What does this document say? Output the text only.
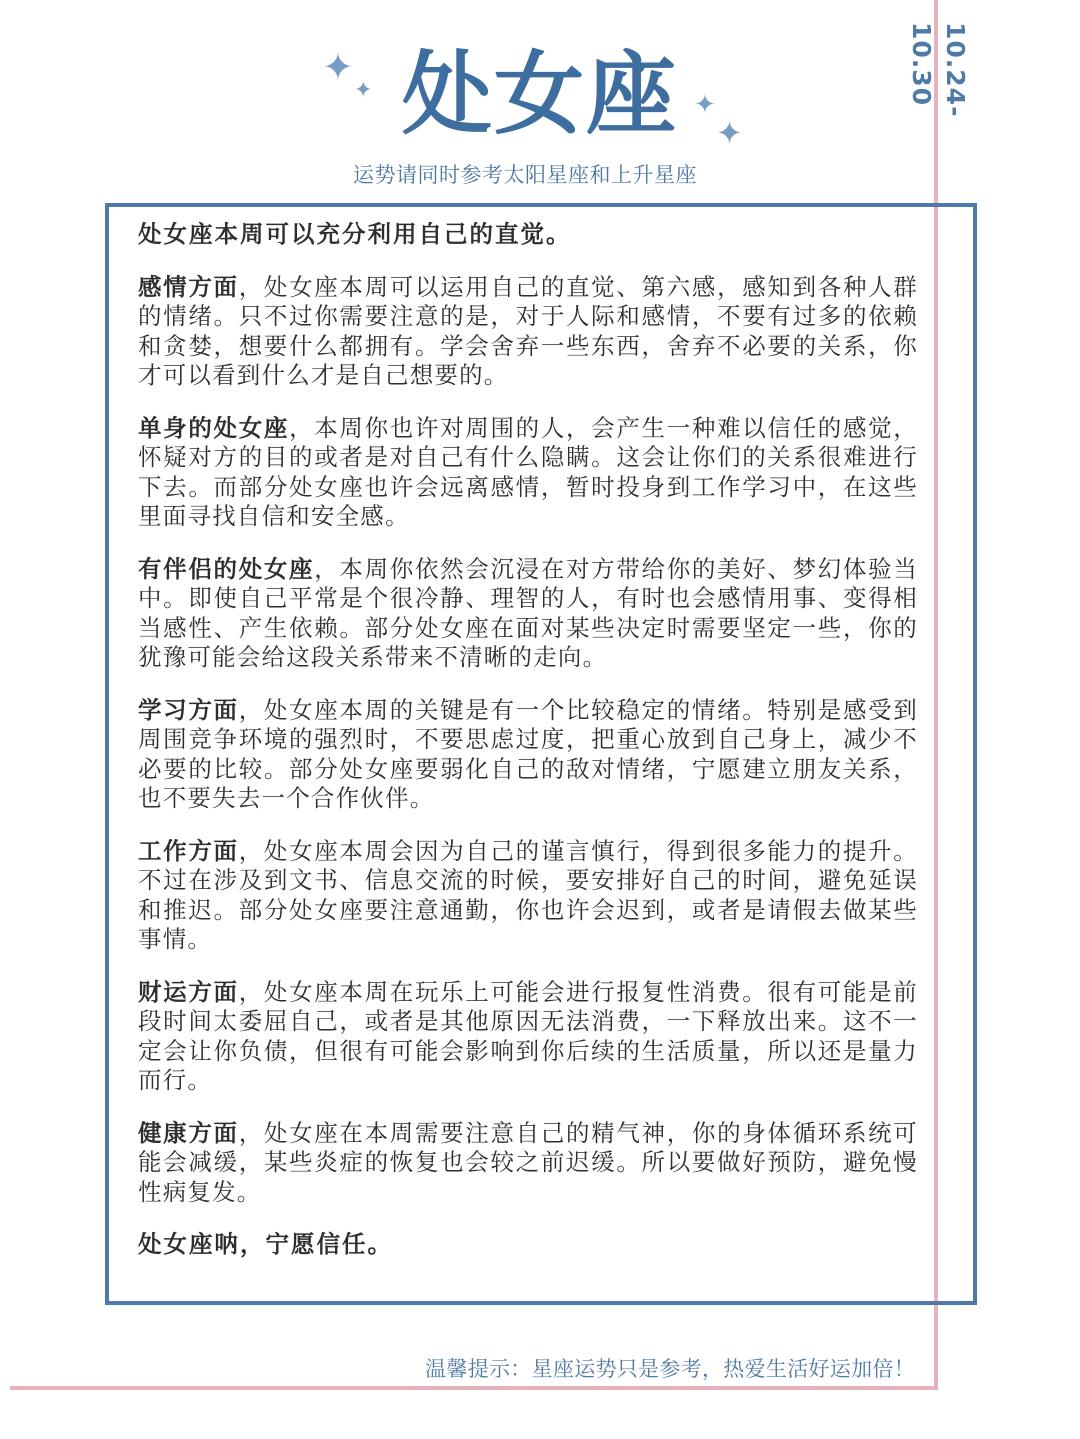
10.24-10.30
✦
✦ 处女座 ✦
✦
运势请同时参考太阳星座和上升星座

处女座本周可以充分利用自己的直觉。

感情方面，处女座本周可以运用自己的直觉、第六感，感知到各种人群的情绪。只不过你需要注意的是，对于人际和感情，不要有过多的依赖和贪婪，想要什么都拥有。学会舍弃一些东西，舍弃不必要的关系，你才可以看到什么才是自己想要的。

单身的处女座，本周你也许对周围的人，会产生一种难以信任的感觉，怀疑对方的目的或者是对自己有什么隐瞒。这会让你们的关系很难进行下去。而部分处女座也许会远离感情，暂时投身到工作学习中，在这些里面寻找自信和安全感。

有伴侣的处女座，本周你依然会沉浸在对方带给你的美好、梦幻体验当中。即使自己平常是个很冷静、理智的人，有时也会感情用事、变得相当感性、产生依赖。部分处女座在面对某些决定时需要坚定一些，你的犹豫可能会给这段关系带来不清晰的走向。

学习方面，处女座本周的关键是有一个比较稳定的情绪。特别是感受到周围竞争环境的强烈时，不要思虑过度，把重心放到自己身上，减少不必要的比较。部分处女座要弱化自己的敌对情绪，宁愿建立朋友关系，也不要失去一个合作伙伴。

工作方面，处女座本周会因为自己的谨言慎行，得到很多能力的提升。不过在涉及到文书、信息交流的时候，要安排好自己的时间，避免延误和推迟。部分处女座要注意通勤，你也许会迟到，或者是请假去做某些事情。

财运方面，处女座本周在玩乐上可能会进行报复性消费。很有可能是前段时间太委屈自己，或者是其他原因无法消费，一下释放出来。这不一定会让你负债，但很有可能会影响到你后续的生活质量，所以还是量力而行。

健康方面，处女座在本周需要注意自己的精气神，你的身体循环系统可能会减缓，某些炎症的恢复也会较之前迟缓。所以要做好预防，避免慢性病复发。

处女座呐，宁愿信任。

温馨提示：星座运势只是参考，热爱生活好运加倍！
